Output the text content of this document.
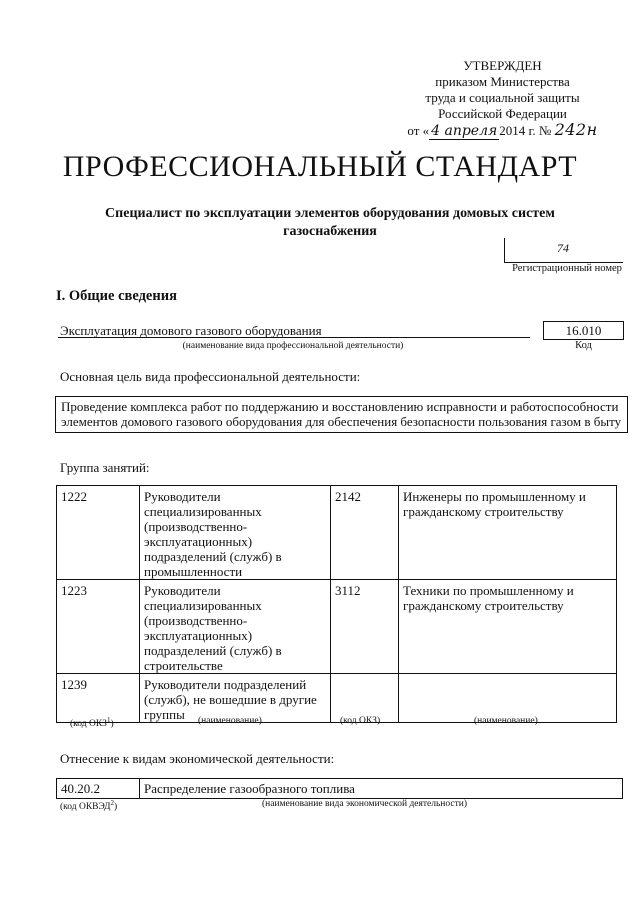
УТВЕРЖДЕН
приказом Министерства
труда и социальной защиты
Российской Федерации
от « 4 апреля 2014 г. № 242н
ПРОФЕССИОНАЛЬНЫЙ СТАНДАРТ
Специалист по эксплуатации элементов оборудования домовых систем газоснабжения
74
Регистрационный номер
I. Общие сведения
Эксплуатация домового газового оборудования
(наименование вида профессиональной деятельности)
16.010
Код
Основная цель вида профессиональной деятельности:
Проведение комплекса работ по поддержанию и восстановлению исправности и работоспособности элементов домового газового оборудования для обеспечения безопасности пользования газом в быту
Группа занятий:
1222	Руководители специализированных (производственно-эксплуатационных) подразделений (служб) в промышленности	2142	Инженеры по промышленному и гражданскому строительству
1223	Руководители специализированных (производственно-эксплуатационных) подразделений (служб) в строительстве	3112	Техники по промышленному и гражданскому строительству
1239	Руководители подразделений (служб), не вошедшие в другие группы		
(код ОКЗ$^1$)	(наименование)	(код ОКЗ)	(наименование)
Отнесение к видам экономической деятельности:
40.20.2	Распределение газообразного топлива
(код ОКВЭД$^2$)	(наименование вида экономической деятельности)
